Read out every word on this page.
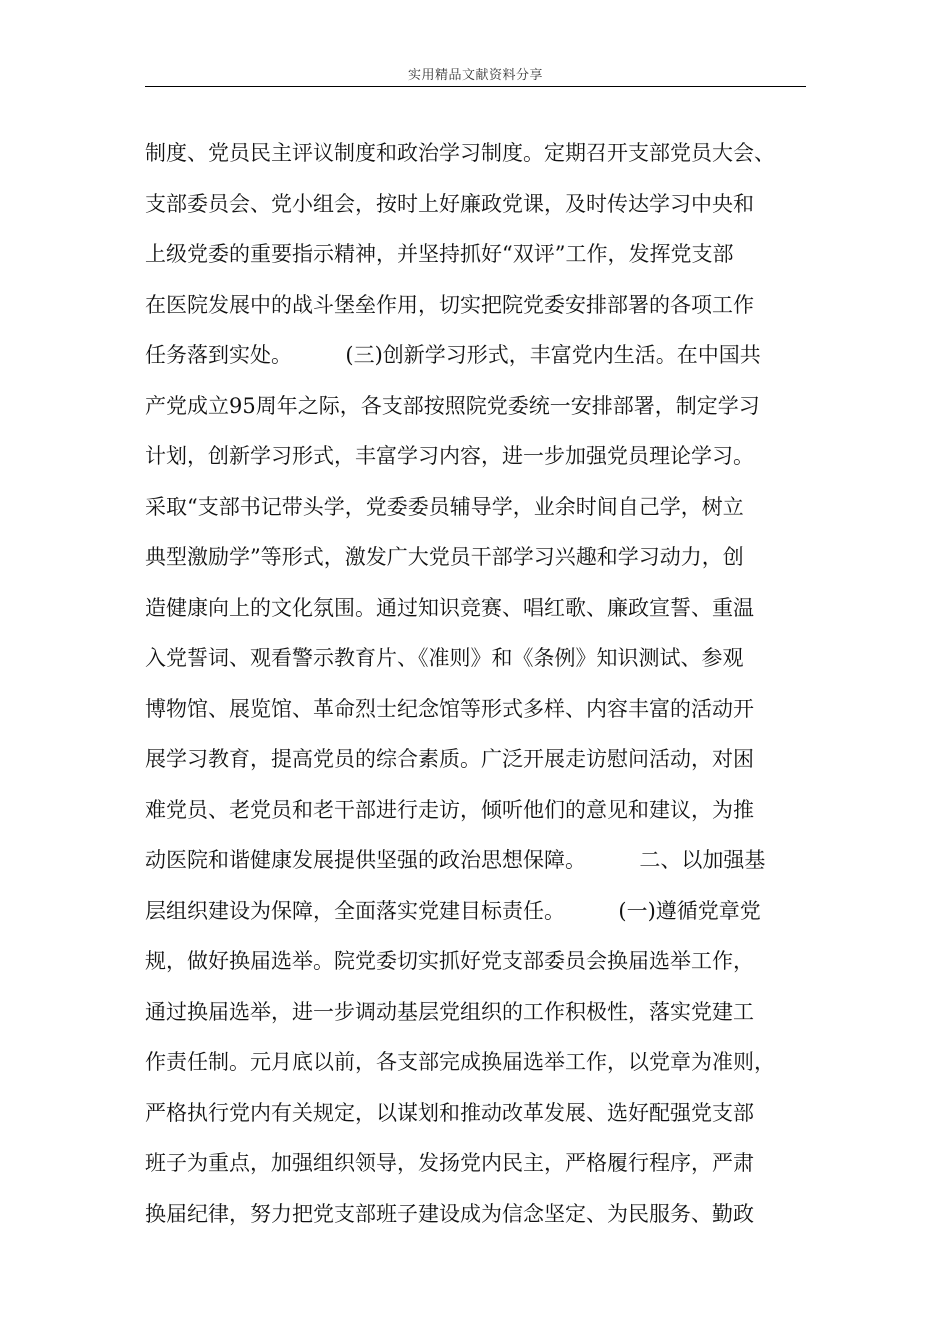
实用精品文献资料分享
制度、党员民主评议制度和政治学习制度。定期召开支部党员大会、
支部委员会、党小组会，按时上好廉政党课，及时传达学习中央和
上级党委的重要指示精神，并坚持抓好“双评”工作，发挥党支部
在医院发展中的战斗堡垒作用，切实把院党委安排部署的各项工作
任务落到实处。        (三)创新学习形式，丰富党内生活。在中国共
产党成立95周年之际，各支部按照院党委统一安排部署，制定学习
计划，创新学习形式，丰富学习内容，进一步加强党员理论学习。
采取“支部书记带头学，党委委员辅导学，业余时间自己学，树立
典型激励学”等形式，激发广大党员干部学习兴趣和学习动力，创
造健康向上的文化氛围。通过知识竞赛、唱红歌、廉政宣誓、重温
入党誓词、观看警示教育片、《准则》和《条例》知识测试、参观
博物馆、展览馆、革命烈士纪念馆等形式多样、内容丰富的活动开
展学习教育，提高党员的综合素质。广泛开展走访慰问活动，对困
难党员、老党员和老干部进行走访，倾听他们的意见和建议，为推
动医院和谐健康发展提供坚强的政治思想保障。        二、以加强基
层组织建设为保障，全面落实党建目标责任。        (一)遵循党章党
规，做好换届选举。院党委切实抓好党支部委员会换届选举工作，
通过换届选举，进一步调动基层党组织的工作积极性，落实党建工
作责任制。元月底以前，各支部完成换届选举工作，以党章为准则，
严格执行党内有关规定，以谋划和推动改革发展、选好配强党支部
班子为重点，加强组织领导，发扬党内民主，严格履行程序，严肃
换届纪律，努力把党支部班子建设成为信念坚定、为民服务、勤政
